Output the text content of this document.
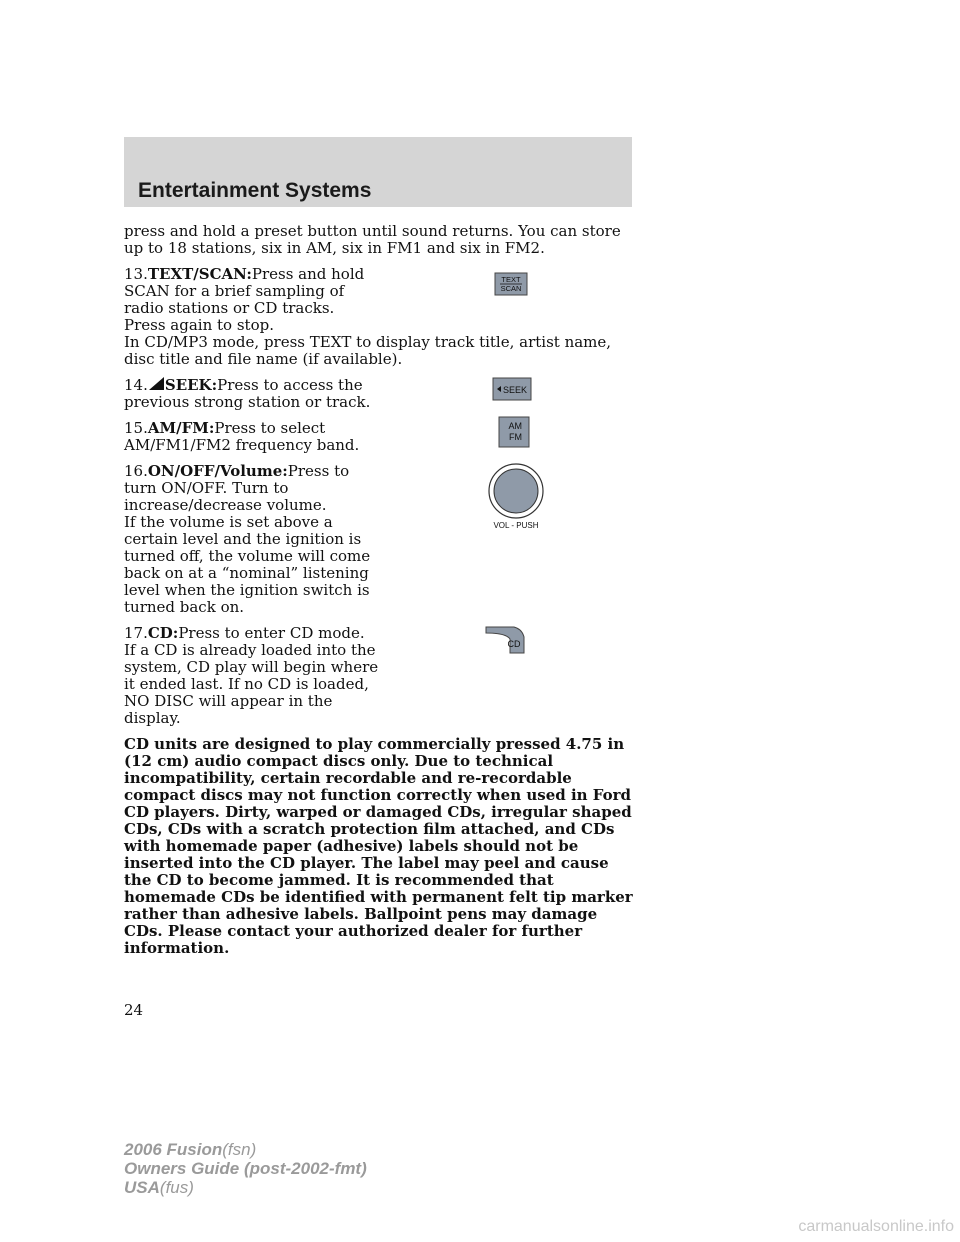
Entertainment Systems

press and hold a preset button until sound returns. You can store up to 18 stations, six in AM, six in FM1 and six in FM2.

13.TEXT/SCAN:Press and hold SCAN for a brief sampling of radio stations or CD tracks. Press again to stop.

TEXT
SCAN

In CD/MP3 mode, press TEXT to display track title, artist name, disc title and file name (if available).

14. SEEK:Press to access the previous strong station or track.

SEEK

15.AM/FM:Press to select AM/FM1/FM2 frequency band.

AM
FM

16.ON/OFF/Volume:Press to turn ON/OFF. Turn to increase/decrease volume.

VOL - PUSH

If the volume is set above a certain level and the ignition is turned off, the volume will come back on at a “nominal” listening level when the ignition switch is turned back on.

17.CD:Press to enter CD mode. If a CD is already loaded into the system, CD play will begin where it ended last. If no CD is loaded, NO DISC will appear in the display.

CD

CD units are designed to play commercially pressed 4.75 in (12 cm) audio compact discs only. Due to technical incompatibility, certain recordable and re-recordable compact discs may not function correctly when used in Ford CD players. Dirty, warped or damaged CDs, irregular shaped CDs, CDs with a scratch protection film attached, and CDs with homemade paper (adhesive) labels should not be inserted into the CD player. The label may peel and cause the CD to become jammed. It is recommended that homemade CDs be identified with permanent felt tip marker rather than adhesive labels. Ballpoint pens may damage CDs. Please contact your authorized dealer for further information.

24
2006 Fusion(fsn)
Owners Guide (post-2002-fmt)
USA(fus)
carmanualsonline.info
